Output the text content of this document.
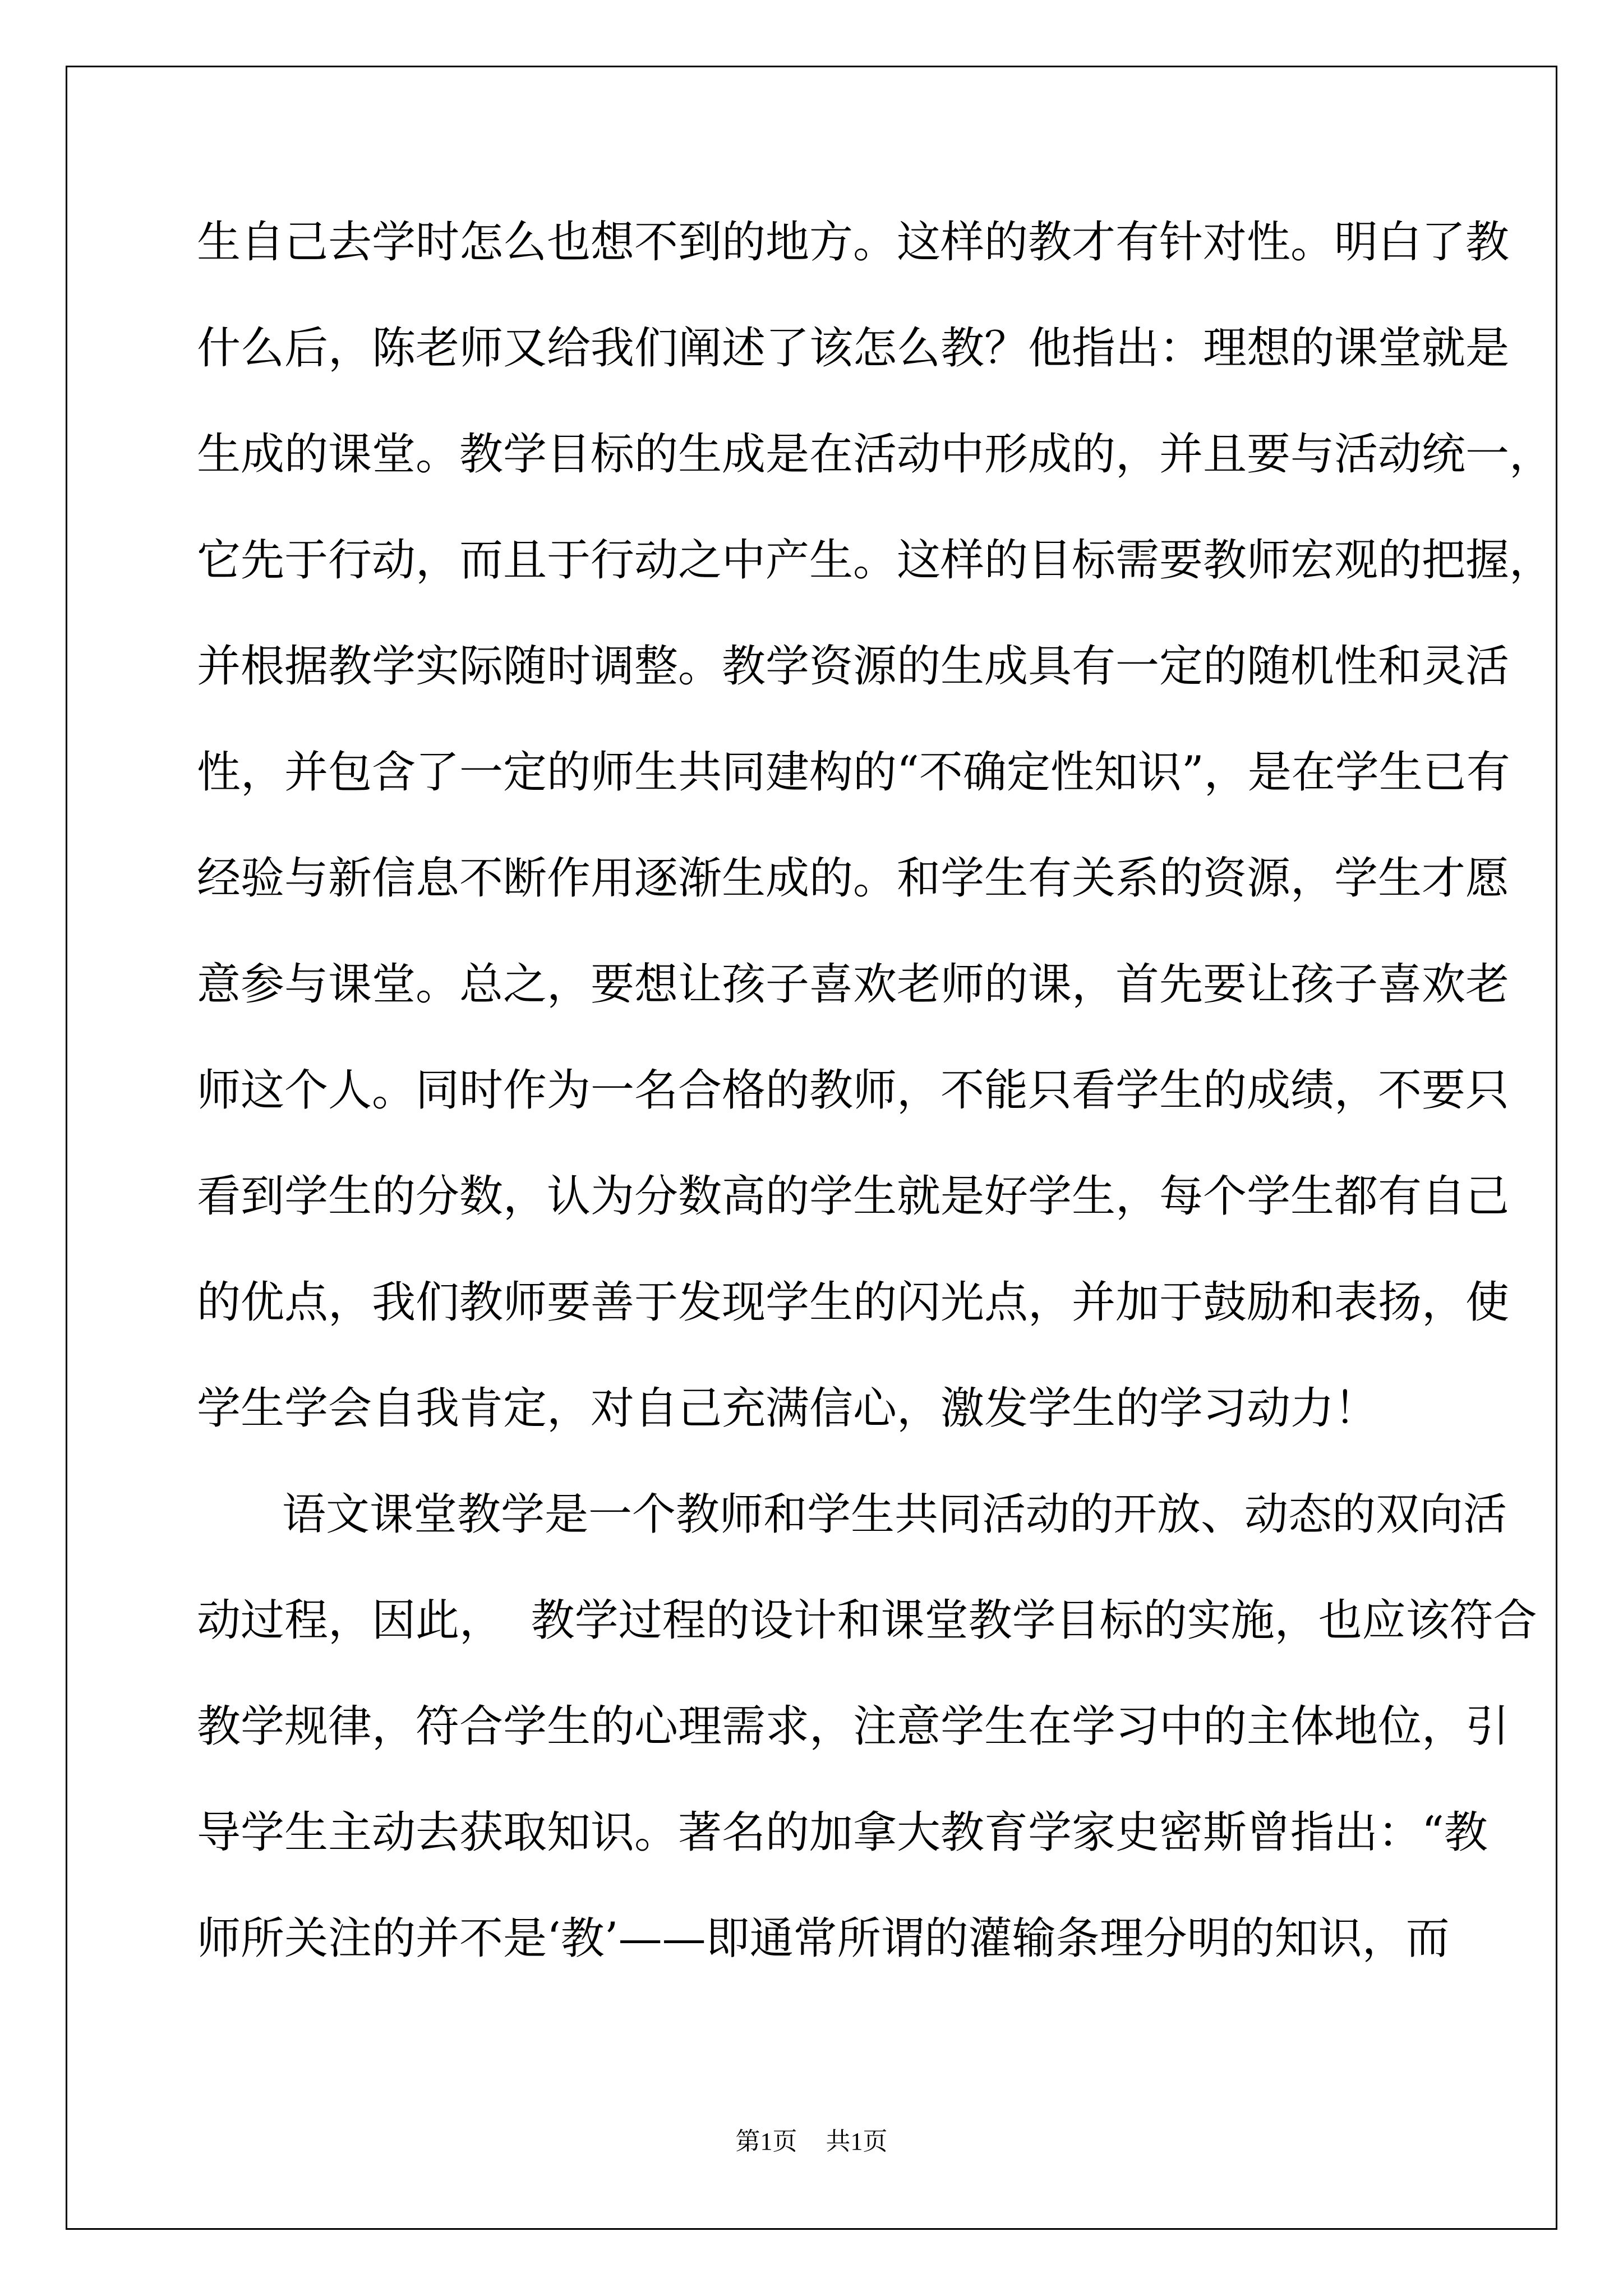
生自己去学时怎么也想不到的地方。这样的教才有针对性。明白了教
什么后，陈老师又给我们阐述了该怎么教？他指出：理想的课堂就是
生成的课堂。教学目标的生成是在活动中形成的，并且要与活动统一，
它先于行动，而且于行动之中产生。这样的目标需要教师宏观的把握，
并根据教学实际随时调整。教学资源的生成具有一定的随机性和灵活
性，并包含了一定的师生共同建构的“不确定性知识”，是在学生已有
经验与新信息不断作用逐渐生成的。和学生有关系的资源，学生才愿
意参与课堂。总之，要想让孩子喜欢老师的课，首先要让孩子喜欢老
师这个人。同时作为一名合格的教师，不能只看学生的成绩，不要只
看到学生的分数，认为分数高的学生就是好学生，每个学生都有自己
的优点，我们教师要善于发现学生的闪光点，并加于鼓励和表扬，使
学生学会自我肯定，对自己充满信心，激发学生的学习动力！
语文课堂教学是一个教师和学生共同活动的开放、动态的双向活
动过程，因此，  教学过程的设计和课堂教学目标的实施，也应该符合
教学规律，符合学生的心理需求，注意学生在学习中的主体地位，引
导学生主动去获取知识。著名的加拿大教育学家史密斯曾指出：“教
师所关注的并不是‘教’——即通常所谓的灌输条理分明的知识，而
第1页 共1页
